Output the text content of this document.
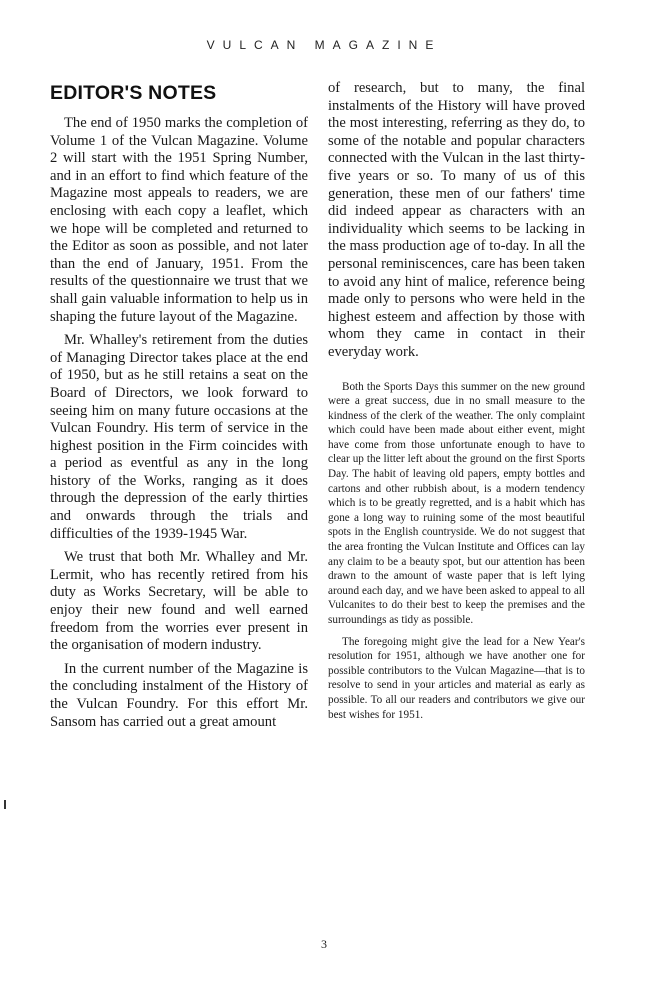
VULCAN MAGAZINE
EDITOR'S NOTES

The end of 1950 marks the completion of Volume 1 of the Vulcan Magazine. Volume 2 will start with the 1951 Spring Number, and in an effort to find which feature of the Magazine most appeals to readers, we are enclosing with each copy a leaflet, which we hope will be completed and returned to the Editor as soon as possible, and not later than the end of January, 1951. From the results of the questionnaire we trust that we shall gain valuable information to help us in shaping the future layout of the Magazine.

Mr. Whalley's retirement from the duties of Managing Director takes place at the end of 1950, but as he still retains a seat on the Board of Directors, we look forward to seeing him on many future occasions at the Vulcan Foundry. His term of service in the highest position in the Firm coincides with a period as eventful as any in the long history of the Works, ranging as it does through the depression of the early thirties and onwards through the trials and difficulties of the 1939-1945 War.

We trust that both Mr. Whalley and Mr. Lermit, who has recently retired from his duty as Works Secretary, will be able to enjoy their new found and well earned freedom from the worries ever present in the organisation of modern industry.

In the current number of the Magazine is the concluding instalment of the History of the Vulcan Foundry. For this effort Mr. Sansom has carried out a great amount

of research, but to many, the final instalments of the History will have proved the most interesting, referring as they do, to some of the notable and popular characters connected with the Vulcan in the last thirty-five years or so. To many of us of this generation, these men of our fathers' time did indeed appear as characters with an individuality which seems to be lacking in the mass production age of to-day. In all the personal reminiscences, care has been taken to avoid any hint of malice, reference being made only to persons who were held in the highest esteem and affection by those with whom they came in contact in their everyday work.

Both the Sports Days this summer on the new ground were a great success, due in no small measure to the kindness of the clerk of the weather. The only complaint which could have been made about either event, might have come from those unfortunate enough to have to clear up the litter left about the ground on the first Sports Day. The habit of leaving old papers, empty bottles and cartons and other rubbish about, is a modern tendency which is to be greatly regretted, and is a habit which has gone a long way to ruining some of the most beautiful spots in the English countryside. We do not suggest that the area fronting the Vulcan Institute and Offices can lay any claim to be a beauty spot, but our attention has been drawn to the amount of waste paper that is left lying around each day, and we have been asked to appeal to all Vulcanites to do their best to keep the premises and the surroundings as tidy as possible.

The foregoing might give the lead for a New Year's resolution for 1951, although we have another one for possible contributors to the Vulcan Magazine—that is to resolve to send in your articles and material as early as possible. To all our readers and contributors we give our best wishes for 1951.

3
